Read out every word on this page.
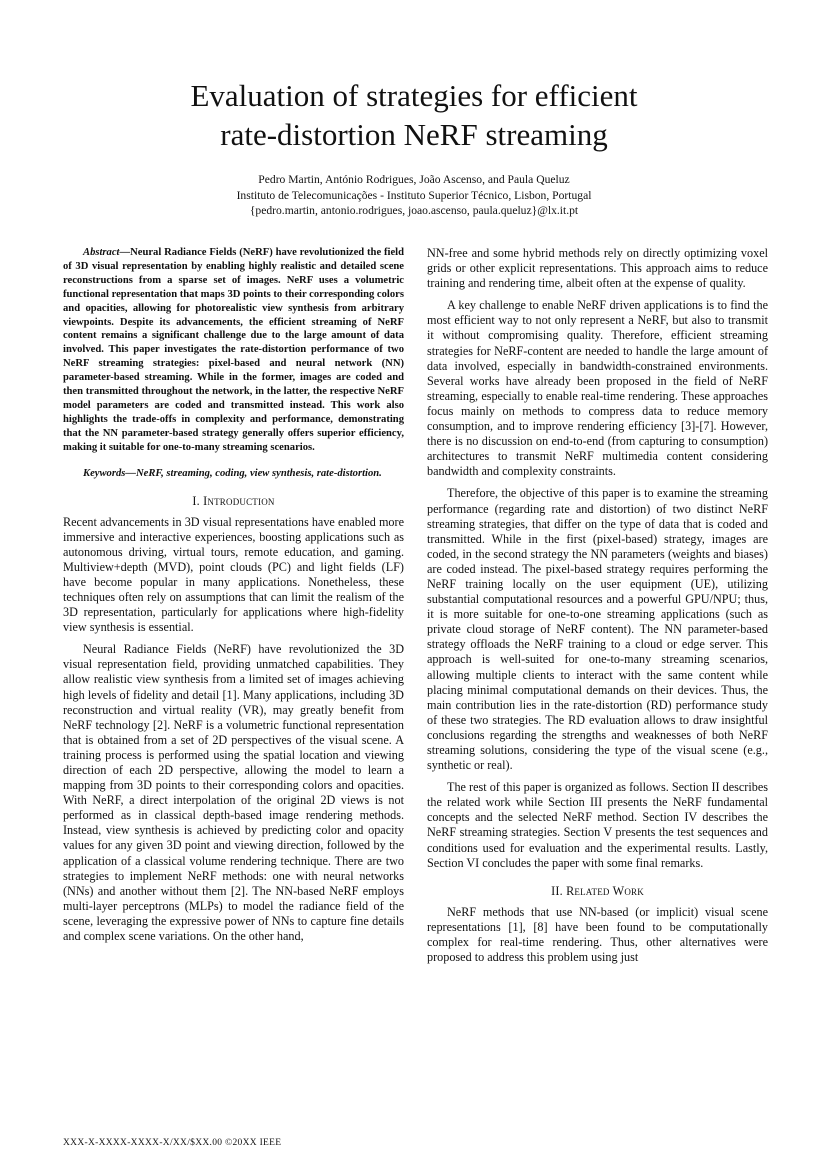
Evaluation of strategies for efficient
rate-distortion NeRF streaming
Pedro Martin, António Rodrigues, João Ascenso, and Paula Queluz
Instituto de Telecomunicações - Instituto Superior Técnico, Lisbon, Portugal
{pedro.martin, antonio.rodrigues, joao.ascenso, paula.queluz}@lx.it.pt

Abstract—Neural Radiance Fields (NeRF) have revolutionized the field of 3D visual representation by enabling highly realistic and detailed scene reconstructions from a sparse set of images. NeRF uses a volumetric functional representation that maps 3D points to their corresponding colors and opacities, allowing for photorealistic view synthesis from arbitrary viewpoints. Despite its advancements, the efficient streaming of NeRF content remains a significant challenge due to the large amount of data involved. This paper investigates the rate-distortion performance of two NeRF streaming strategies: pixel-based and neural network (NN) parameter-based streaming. While in the former, images are coded and then transmitted throughout the network, in the latter, the respective NeRF model parameters are coded and transmitted instead. This work also highlights the trade-offs in complexity and performance, demonstrating that the NN parameter-based strategy generally offers superior efficiency, making it suitable for one-to-many streaming scenarios.

Keywords—NeRF, streaming, coding, view synthesis, rate-distortion.

I. Introduction

Recent advancements in 3D visual representations have enabled more immersive and interactive experiences, boosting applications such as autonomous driving, virtual tours, remote education, and gaming. Multiview+depth (MVD), point clouds (PC) and light fields (LF) have become popular in many applications. Nonetheless, these techniques often rely on assumptions that can limit the realism of the 3D representation, particularly for applications where high-fidelity view synthesis is essential.

Neural Radiance Fields (NeRF) have revolutionized the 3D visual representation field, providing unmatched capabilities. They allow realistic view synthesis from a limited set of images achieving high levels of fidelity and detail [1]. Many applications, including 3D reconstruction and virtual reality (VR), may greatly benefit from NeRF technology [2]. NeRF is a volumetric functional representation that is obtained from a set of 2D perspectives of the visual scene. A training process is performed using the spatial location and viewing direction of each 2D perspective, allowing the model to learn a mapping from 3D points to their corresponding colors and opacities. With NeRF, a direct interpolation of the original 2D views is not performed as in classical depth-based image rendering methods. Instead, view synthesis is achieved by predicting color and opacity values for any given 3D point and viewing direction, followed by the application of a classical volume rendering technique. There are two strategies to implement NeRF methods: one with neural networks (NNs) and another without them [2]. The NN-based NeRF employs multi-layer perceptrons (MLPs) to model the radiance field of the scene, leveraging the expressive power of NNs to capture fine details and complex scene variations. On the other hand,

NN-free and some hybrid methods rely on directly optimizing voxel grids or other explicit representations. This approach aims to reduce training and rendering time, albeit often at the expense of quality.

A key challenge to enable NeRF driven applications is to find the most efficient way to not only represent a NeRF, but also to transmit it without compromising quality. Therefore, efficient streaming strategies for NeRF-content are needed to handle the large amount of data involved, especially in bandwidth-constrained environments. Several works have already been proposed in the field of NeRF streaming, especially to enable real-time rendering. These approaches focus mainly on methods to compress data to reduce memory consumption, and to improve rendering efficiency [3]-[7]. However, there is no discussion on end-to-end (from capturing to consumption) architectures to transmit NeRF multimedia content considering bandwidth and complexity constraints.

Therefore, the objective of this paper is to examine the streaming performance (regarding rate and distortion) of two distinct NeRF streaming strategies, that differ on the type of data that is coded and transmitted. While in the first (pixel-based) strategy, images are coded, in the second strategy the NN parameters (weights and biases) are coded instead. The pixel-based strategy requires performing the NeRF training locally on the user equipment (UE), utilizing substantial computational resources and a powerful GPU/NPU; thus, it is more suitable for one-to-one streaming applications (such as private cloud storage of NeRF content). The NN parameter-based strategy offloads the NeRF training to a cloud or edge server. This approach is well-suited for one-to-many streaming scenarios, allowing multiple clients to interact with the same content while placing minimal computational demands on their devices. Thus, the main contribution lies in the rate-distortion (RD) performance study of these two strategies. The RD evaluation allows to draw insightful conclusions regarding the strengths and weaknesses of both NeRF streaming solutions, considering the type of the visual scene (e.g., synthetic or real).

The rest of this paper is organized as follows. Section II describes the related work while Section III presents the NeRF fundamental concepts and the selected NeRF method. Section IV describes the NeRF streaming strategies. Section V presents the test sequences and conditions used for evaluation and the experimental results. Lastly, Section VI concludes the paper with some final remarks.

II. Related Work

NeRF methods that use NN-based (or implicit) visual scene representations [1], [8] have been found to be computationally complex for real-time rendering. Thus, other alternatives were proposed to address this problem using just

XXX-X-XXXX-XXXX-X/XX/$XX.00 ©20XX IEEE
